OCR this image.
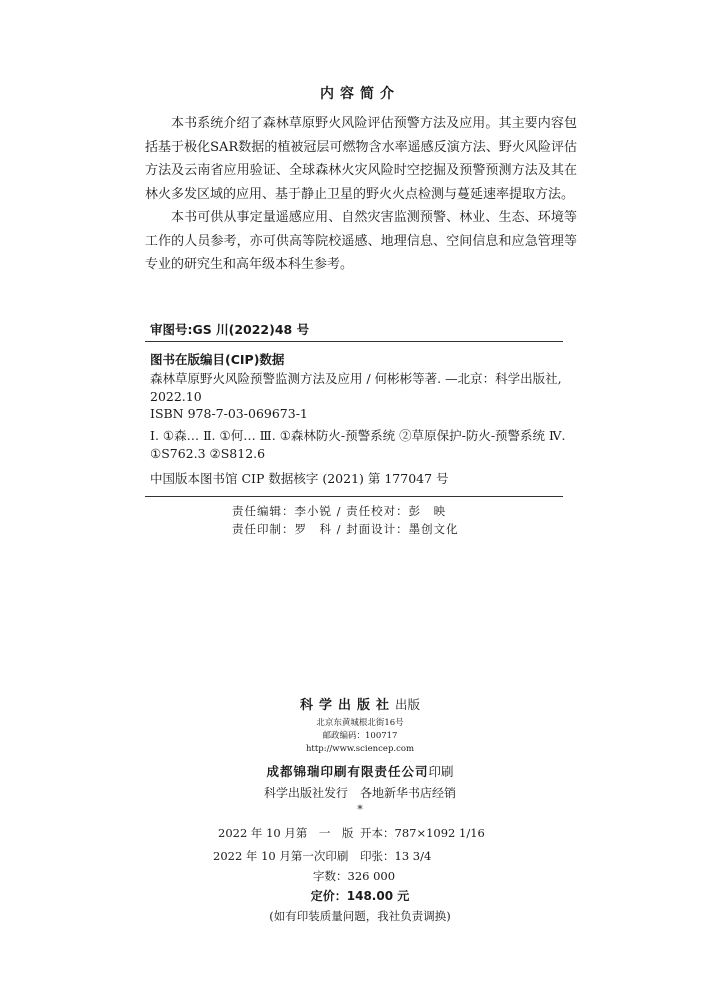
内容简介

本书系统介绍了森林草原野火风险评估预警方法及应用。其主要内容包括基于极化SAR数据的植被冠层可燃物含水率遥感反演方法、野火风险评估方法及云南省应用验证、全球森林火灾风险时空挖掘及预警预测方法及其在林火多发区域的应用、基于静止卫星的野火火点检测与蔓延速率提取方法。

本书可供从事定量遥感应用、自然灾害监测预警、林业、生态、环境等工作的人员参考，亦可供高等院校遥感、地理信息、空间信息和应急管理等专业的研究生和高年级本科生参考。

审图号:GS 川(2022)48 号
图书在版编目(CIP)数据

森林草原野火风险预警监测方法及应用 / 何彬彬等著. —北京：科学出版社, 2022.10

ISBN 978-7-03-069673-1

Ⅰ. ①森… Ⅱ. ①何… Ⅲ. ①森林防火-预警系统 ②草原保护-防火-预警系统 Ⅳ. ①S762.3 ②S812.6

中国版本图书馆 CIP 数据核字 (2021) 第 177047 号

责任编辑：李小锐 / 责任校对：彭　映
责任印制：罗　科 / 封面设计：墨创文化
科学出版社出版
北京东黄城根北街16号
邮政编码：100717
http://www.sciencep.com
成都锦瑞印刷有限责任公司印刷
科学出版社发行　各地新华书店经销
*
2022 年 10 月第　一　版 开本：787×1092 1/16
2022 年 10 月第一次印刷 印张：13 3/4
字数：326 000
定价：148.00 元
(如有印装质量问题，我社负责调换)
